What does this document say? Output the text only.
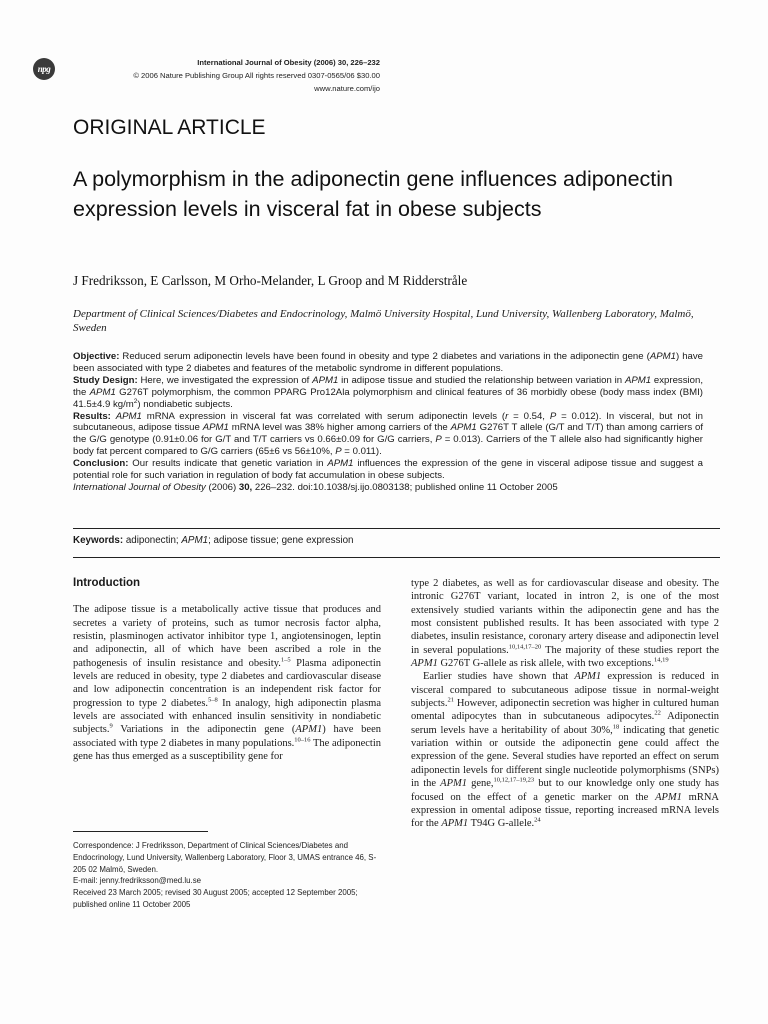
npg
International Journal of Obesity (2006) 30, 226–232
© 2006 Nature Publishing Group All rights reserved 0307-0565/06 $30.00
www.nature.com/ijo
ORIGINAL ARTICLE
A polymorphism in the adiponectin gene influences adiponectin expression levels in visceral fat in obese subjects
J Fredriksson, E Carlsson, M Orho-Melander, L Groop and M Ridderstråle
Department of Clinical Sciences/Diabetes and Endocrinology, Malmö University Hospital, Lund University, Wallenberg Laboratory, Malmö, Sweden

Objective: Reduced serum adiponectin levels have been found in obesity and type 2 diabetes and variations in the adiponectin gene (APM1) have been associated with type 2 diabetes and features of the metabolic syndrome in different populations.

Study Design: Here, we investigated the expression of APM1 in adipose tissue and studied the relationship between variation in APM1 expression, the APM1 G276T polymorphism, the common PPARG Pro12Ala polymorphism and clinical features of 36 morbidly obese (body mass index (BMI) 41.5±4.9 $kg/m^2$) nondiabetic subjects.

Results: APM1 mRNA expression in visceral fat was correlated with serum adiponectin levels (r = 0.54, P = 0.012). In visceral, but not in subcutaneous, adipose tissue APM1 mRNA level was 38% higher among carriers of the APM1 G276T T allele (G/T and T/T) than among carriers of the G/G genotype (0.91±0.06 for G/T and T/T carriers vs 0.66±0.09 for G/G carriers, P = 0.013). Carriers of the T allele also had significantly higher body fat percent compared to G/G carriers (65±6 vs 56±10%, P = 0.011).

Conclusion: Our results indicate that genetic variation in APM1 influences the expression of the gene in visceral adipose tissue and suggest a potential role for such variation in regulation of body fat accumulation in obese subjects.

International Journal of Obesity (2006) 30, 226–232. doi:10.1038/sj.ijo.0803138; published online 11 October 2005

Keywords: adiponectin; APM1; adipose tissue; gene expression

Introduction

The adipose tissue is a metabolically active tissue that produces and secretes a variety of proteins, such as tumor necrosis factor alpha, resistin, plasminogen activator inhibitor type 1, angiotensinogen, leptin and adiponectin, all of which have been ascribed a role in the pathogenesis of insulin resistance and obesity.$^{1-5}$ Plasma adiponectin levels are reduced in obesity, type 2 diabetes and cardiovascular disease and low adiponectin concentration is an independent risk factor for progression to type 2 diabetes.$^{5-8}$ In analogy, high adiponectin plasma levels are associated with enhanced insulin sensitivity in nondiabetic subjects.$^9$ Variations in the adiponectin gene (APM1) have been associated with type 2 diabetes in many populations.$^{10-16}$ The adiponectin gene has thus emerged as a susceptibility gene for

Correspondence: J Fredriksson, Department of Clinical Sciences/Diabetes and Endocrinology, Lund University, Wallenberg Laboratory, Floor 3, UMAS entrance 46, S-205 02 Malmö, Sweden.

E-mail: jenny.fredriksson@med.lu.se

Received 23 March 2005; revised 30 August 2005; accepted 12 September 2005; published online 11 October 2005

type 2 diabetes, as well as for cardiovascular disease and obesity. The intronic G276T variant, located in intron 2, is one of the most extensively studied variants within the adiponectin gene and has the most consistent published results. It has been associated with type 2 diabetes, insulin resistance, coronary artery disease and adiponectin level in several populations.$^{10,14,17-20}$ The majority of these studies report the APM1 G276T G-allele as risk allele, with two exceptions.$^{14,19}$

Earlier studies have shown that APM1 expression is reduced in visceral compared to subcutaneous adipose tissue in normal-weight subjects.$^{21}$ However, adiponectin secretion was higher in cultured human omental adipocytes than in subcutaneous adipocytes.$^{22}$ Adiponectin serum levels have a heritability of about 30%,$^{18}$ indicating that genetic variation within or outside the adiponectin gene could affect the expression of the gene. Several studies have reported an effect on serum adiponectin levels for different single nucleotide polymorphisms (SNPs) in the APM1 gene,$^{10,12,17-19,23}$ but to our knowledge only one study has focused on the effect of a genetic marker on the APM1 mRNA expression in omental adipose tissue, reporting increased mRNA levels for the APM1 T94G G-allele.$^{24}$
